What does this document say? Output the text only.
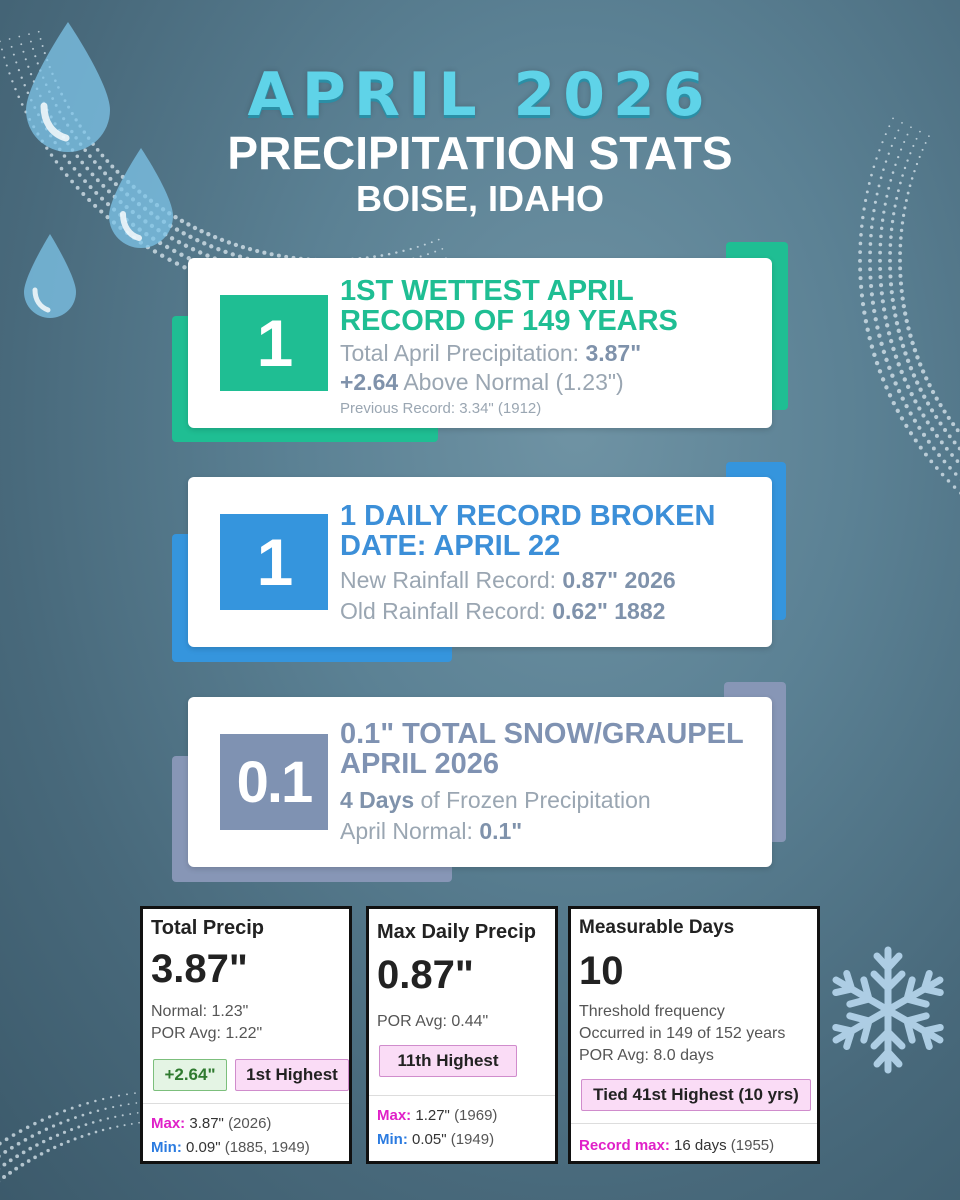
APRIL 2026
PRECIPITATION STATS
BOISE, IDAHO
1
1ST WETTEST APRIL
RECORD OF 149 YEARS
Total April Precipitation: 3.87"
+2.64 Above Normal (1.23")
Previous Record: 3.34" (1912)
1
1 DAILY RECORD BROKEN
DATE: APRIL 22
New Rainfall Record: 0.87" 2026
Old Rainfall Record: 0.62" 1882
0.1
0.1" TOTAL SNOW/GRAUPEL
APRIL 2026
4 Days of Frozen Precipitation
April Normal: 0.1"
Total Precip
3.87"
Normal: 1.23"
POR Avg: 1.22"
+2.64"	1st Highest
Max: 3.87" (2026)
Min: 0.09" (1885, 1949)
Max Daily Precip
0.87"
POR Avg: 0.44"
11th Highest
Max: 1.27" (1969)
Min: 0.05" (1949)
Measurable Days
10
Threshold frequency
Occurred in 149 of 152 years
POR Avg: 8.0 days
Tied 41st Highest (10 yrs)
Record max: 16 days (1955)
